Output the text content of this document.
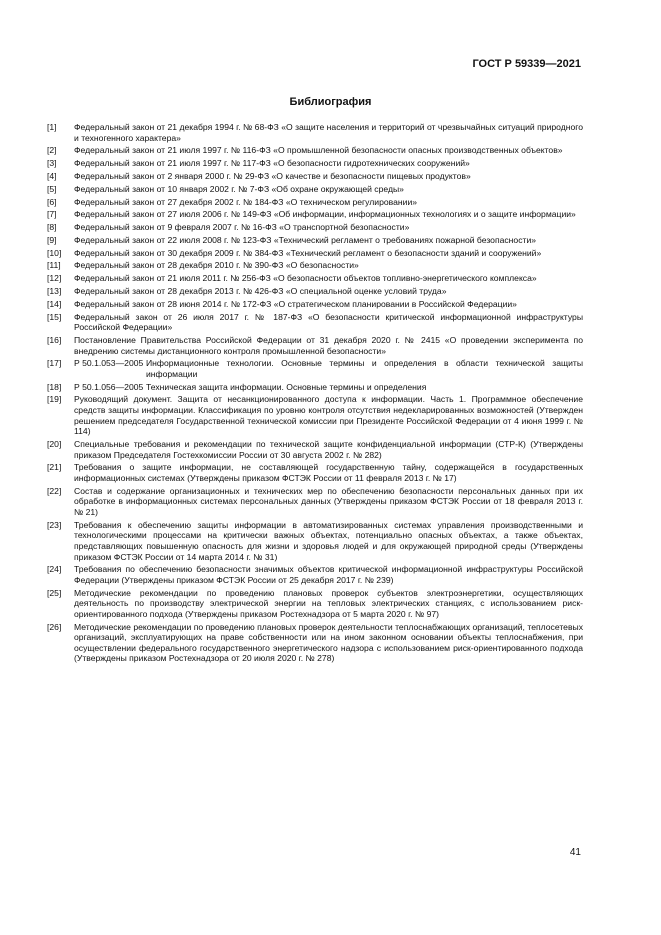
ГОСТ Р 59339—2021
Библиография
[1]	Федеральный закон от 21 декабря 1994 г. № 68-ФЗ «О защите населения и территорий от чрезвычайных ситуаций природного и техногенного характера»
[2]	Федеральный закон от 21 июля 1997 г. № 116-ФЗ «О промышленной безопасности опасных производственных объектов»
[3]	Федеральный закон от 21 июля 1997 г. № 117-ФЗ «О безопасности гидротехнических сооружений»
[4]	Федеральный закон от 2 января 2000 г. № 29-ФЗ «О качестве и безопасности пищевых продуктов»
[5]	Федеральный закон от 10 января 2002 г. № 7-ФЗ «Об охране окружающей среды»
[6]	Федеральный закон от 27 декабря 2002 г. № 184-ФЗ «О техническом регулировании»
[7]	Федеральный закон от 27 июля 2006 г. № 149-ФЗ «Об информации, информационных технологиях и о защите информации»
[8]	Федеральный закон от 9 февраля 2007 г. № 16-ФЗ «О транспортной безопасности»
[9]	Федеральный закон от 22 июля 2008 г. № 123-ФЗ «Технический регламент о требованиях пожарной безопасности»
[10]	Федеральный закон от 30 декабря 2009 г. № 384-ФЗ «Технический регламент о безопасности зданий и сооружений»
[11]	Федеральный закон от 28 декабря 2010 г. № 390-ФЗ «О безопасности»
[12]	Федеральный закон от 21 июля 2011 г. № 256-ФЗ «О безопасности объектов топливно-энергетического комплекса»
[13]	Федеральный закон от 28 декабря 2013 г. № 426-ФЗ «О специальной оценке условий труда»
[14]	Федеральный закон от 28 июня 2014 г. № 172-ФЗ «О стратегическом планировании в Российской Федерации»
[15]	Федеральный закон от 26 июля 2017 г. № 187-ФЗ «О безопасности критической информационной инфраструктуры Российской Федерации»
[16]	Постановление Правительства Российской Федерации от 31 декабря 2020 г. № 2415 «О проведении эксперимента по внедрению системы дистанционного контроля промышленной безопасности»
[17]	Р 50.1.053—2005 Информационные технологии. Основные термины и определения в области технической защиты информации
[18]	Р 50.1.056—2005 Техническая защита информации. Основные термины и определения
[19]	Руководящий документ. Защита от несанкционированного доступа к информации. Часть 1. Программное обеспечение средств защиты информации. Классификация по уровню контроля отсутствия недекларированных возможностей (Утвержден решением председателя Государственной технической комиссии при Президенте Российской Федерации от 4 июня 1999 г. № 114)
[20]	Специальные требования и рекомендации по технической защите конфиденциальной информации (СТР-К) (Утверждены приказом Председателя Гостехкомиссии России от 30 августа 2002 г. № 282)
[21]	Требования о защите информации, не составляющей государственную тайну, содержащейся в государственных информационных системах (Утверждены приказом ФСТЭК России от 11 февраля 2013 г. № 17)
[22]	Состав и содержание организационных и технических мер по обеспечению безопасности персональных данных при их обработке в информационных системах персональных данных (Утверждены приказом ФСТЭК России от 18 февраля 2013 г. № 21)
[23]	Требования к обеспечению защиты информации в автоматизированных системах управления производственными и технологическими процессами на критически важных объектах, потенциально опасных объектах, а также объектах, представляющих повышенную опасность для жизни и здоровья людей и для окружающей природной среды (Утверждены приказом ФСТЭК России от 14 марта 2014 г. № 31)
[24]	Требования по обеспечению безопасности значимых объектов критической информационной инфраструктуры Российской Федерации (Утверждены приказом ФСТЭК России от 25 декабря 2017 г. № 239)
[25]	Методические рекомендации по проведению плановых проверок субъектов электроэнергетики, осуществляющих деятельность по производству электрической энергии на тепловых электрических станциях, с использованием риск-ориентированного подхода (Утверждены приказом Ростехнадзора от 5 марта 2020 г. № 97)
[26]	Методические рекомендации по проведению плановых проверок деятельности теплоснабжающих организаций, теплосетевых организаций, эксплуатирующих на праве собственности или на ином законном основании объекты теплоснабжения, при осуществлении федерального государственного энергетического надзора с использованием риск-ориентированного подхода (Утверждены приказом Ростехнадзора от 20 июля 2020 г. № 278)
41
